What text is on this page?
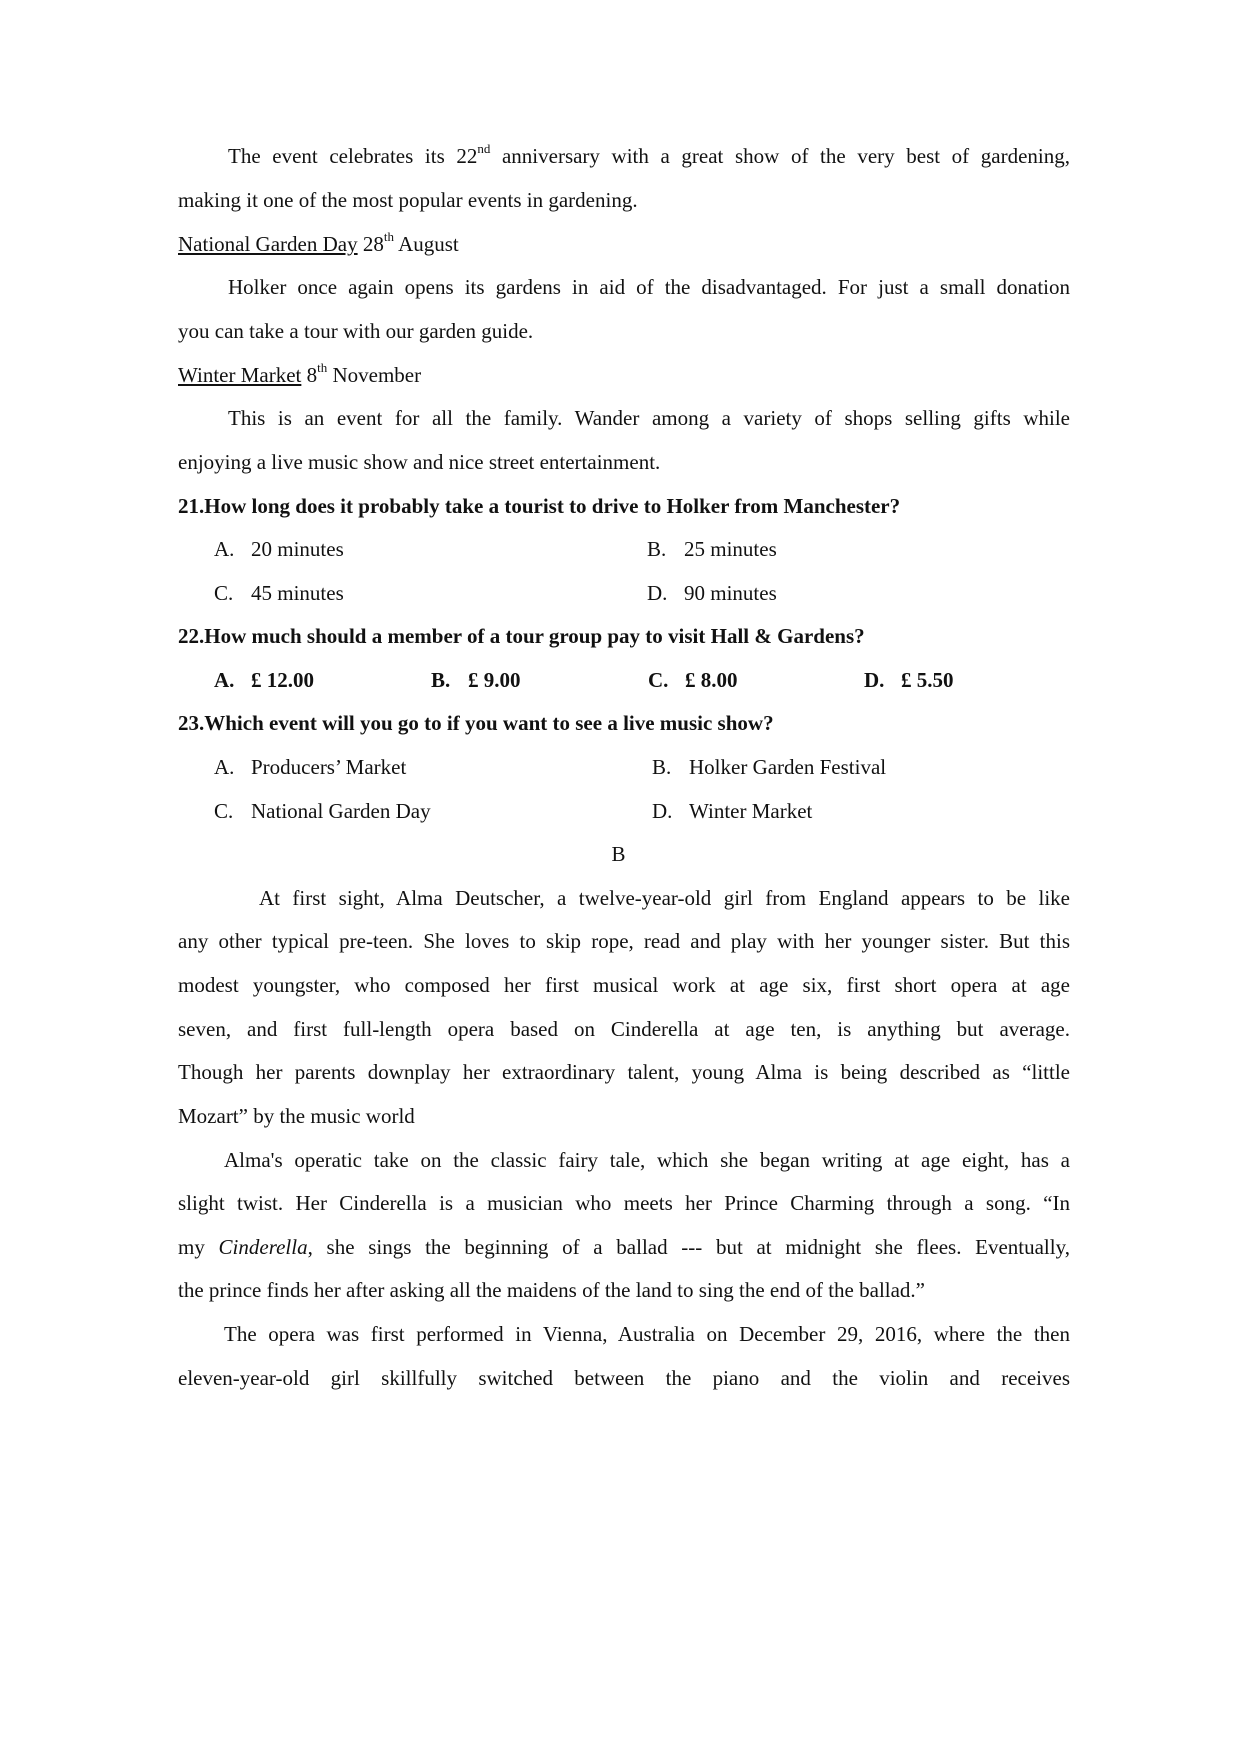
The event celebrates its 22nd anniversary with a great show of the very best of gardening,
making it one of the most popular events in gardening.
National Garden Day 28th August
Holker once again opens its gardens in aid of the disadvantaged. For just a small donation
you can take a tour with our garden guide.
Winter Market 8th November
This is an event for all the family. Wander among a variety of shops selling gifts while
enjoying a live music show and nice street entertainment.
21.How long does it probably take a tourist to drive to Holker from Manchester?
A. 20 minutes	B. 25 minutes
C. 45 minutes	D. 90 minutes
22.How much should a member of a tour group pay to visit Hall & Gardens?
A. £ 12.00	B. £ 9.00	C. £ 8.00	D. £ 5.50
23.Which event will you go to if you want to see a live music show?
A. Producers’ Market	B. Holker Garden Festival
C. National Garden Day	D. Winter Market
B
At first sight, Alma Deutscher, a twelve-year-old girl from England appears to be like
any other typical pre-teen. She loves to skip rope, read and play with her younger sister. But this
modest youngster, who composed her first musical work at age six, first short opera at age
seven, and first full-length opera based on Cinderella at age ten, is anything but average.
Though her parents downplay her extraordinary talent, young Alma is being described as “little
Mozart” by the music world
Alma's operatic take on the classic fairy tale, which she began writing at age eight, has a
slight twist. Her Cinderella is a musician who meets her Prince Charming through a song. “In
my Cinderella, she sings the beginning of a ballad --- but at midnight she flees. Eventually,
the prince finds her after asking all the maidens of the land to sing the end of the ballad.”
The opera was first performed in Vienna, Australia on December 29, 2016, where the then
eleven-year-old girl skillfully switched between the piano and the violin and receives
